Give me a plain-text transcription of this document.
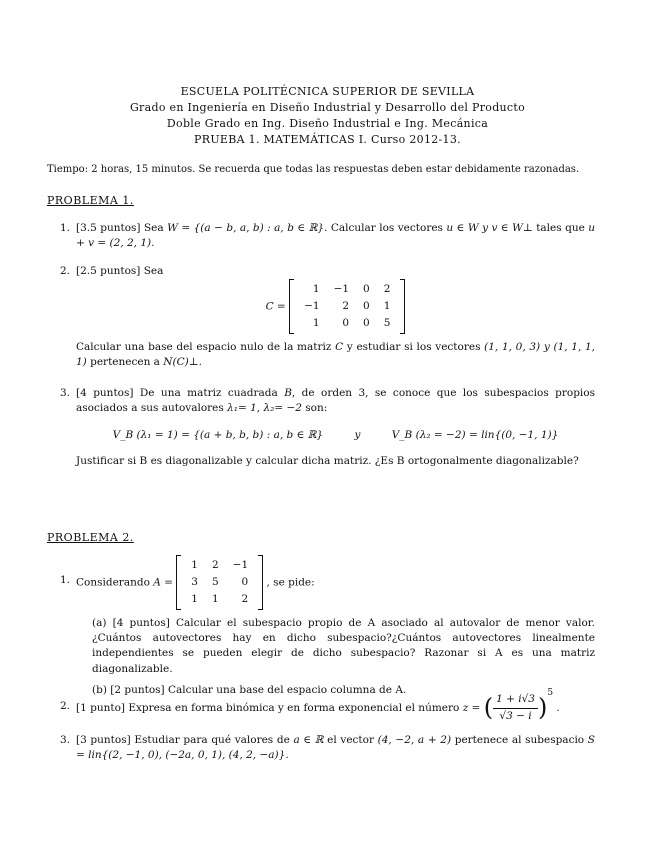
ESCUELA POLITÉCNICA SUPERIOR DE SEVILLA
Grado en Ingeniería en Diseño Industrial y Desarrollo del Producto
Doble Grado en Ing. Diseño Industrial e Ing. Mecánica
PRUEBA 1. MATEMÁTICAS I. Curso 2012-13.
Tiempo: 2 horas, 15 minutos. Se recuerda que todas las respuestas deben estar debidamente razonadas.
PROBLEMA 1.
1. [3.5 puntos] Sea W = {(a − b, a, b) : a, b ∈ ℝ}. Calcular los vectores u ∈ W y v ∈ W⊥ tales que u + v = (2, 2, 1).
2. [2.5 puntos] Sea
C =
1	−1	0	2
−1	2	0	1
1	0	0	5
Calcular una base del espacio nulo de la matriz C y estudiar si los vectores (1, 1, 0, 3) y (1, 1, 1, 1) pertenecen a N(C)⊥.
3. [4 puntos] De una matriz cuadrada B, de orden 3, se conoce que los subespacios propios asociados a sus autovalores λ₁= 1, λ₂= −2 son:
V_B (λ₁ = 1) = {(a + b, b, b) : a, b ∈ ℝ}	y	V_B (λ₂ = −2) = lin{(0, −1, 1)}
Justificar si B es diagonalizable y calcular dicha matriz. ¿Es B ortogonalmente diagonalizable?
PROBLEMA 2.
1. Considerando A =
1	2	−1
3	5	0
1	1	2
, se pide:
(a) [4 puntos] Calcular el subespacio propio de A asociado al autovalor de menor valor. ¿Cuántos autovectores hay en dicho subespacio?¿Cuántos autovectores linealmente independientes se pueden elegir de dicho subespacio? Razonar si A es una matriz diagonalizable.
(b) [2 puntos] Calcular una base del espacio columna de A.
2. [1 punto] Expresa en forma binómica y en forma exponencial el número z = ( $\frac{1 + i√3}{√3 - i} )^5$ .
3. [3 puntos] Estudiar para qué valores de a ∈ ℝ el vector (4, −2, a + 2) pertenece al subespacio S = lin{(2, −1, 0), (−2a, 0, 1), (4, 2, −a)}.
